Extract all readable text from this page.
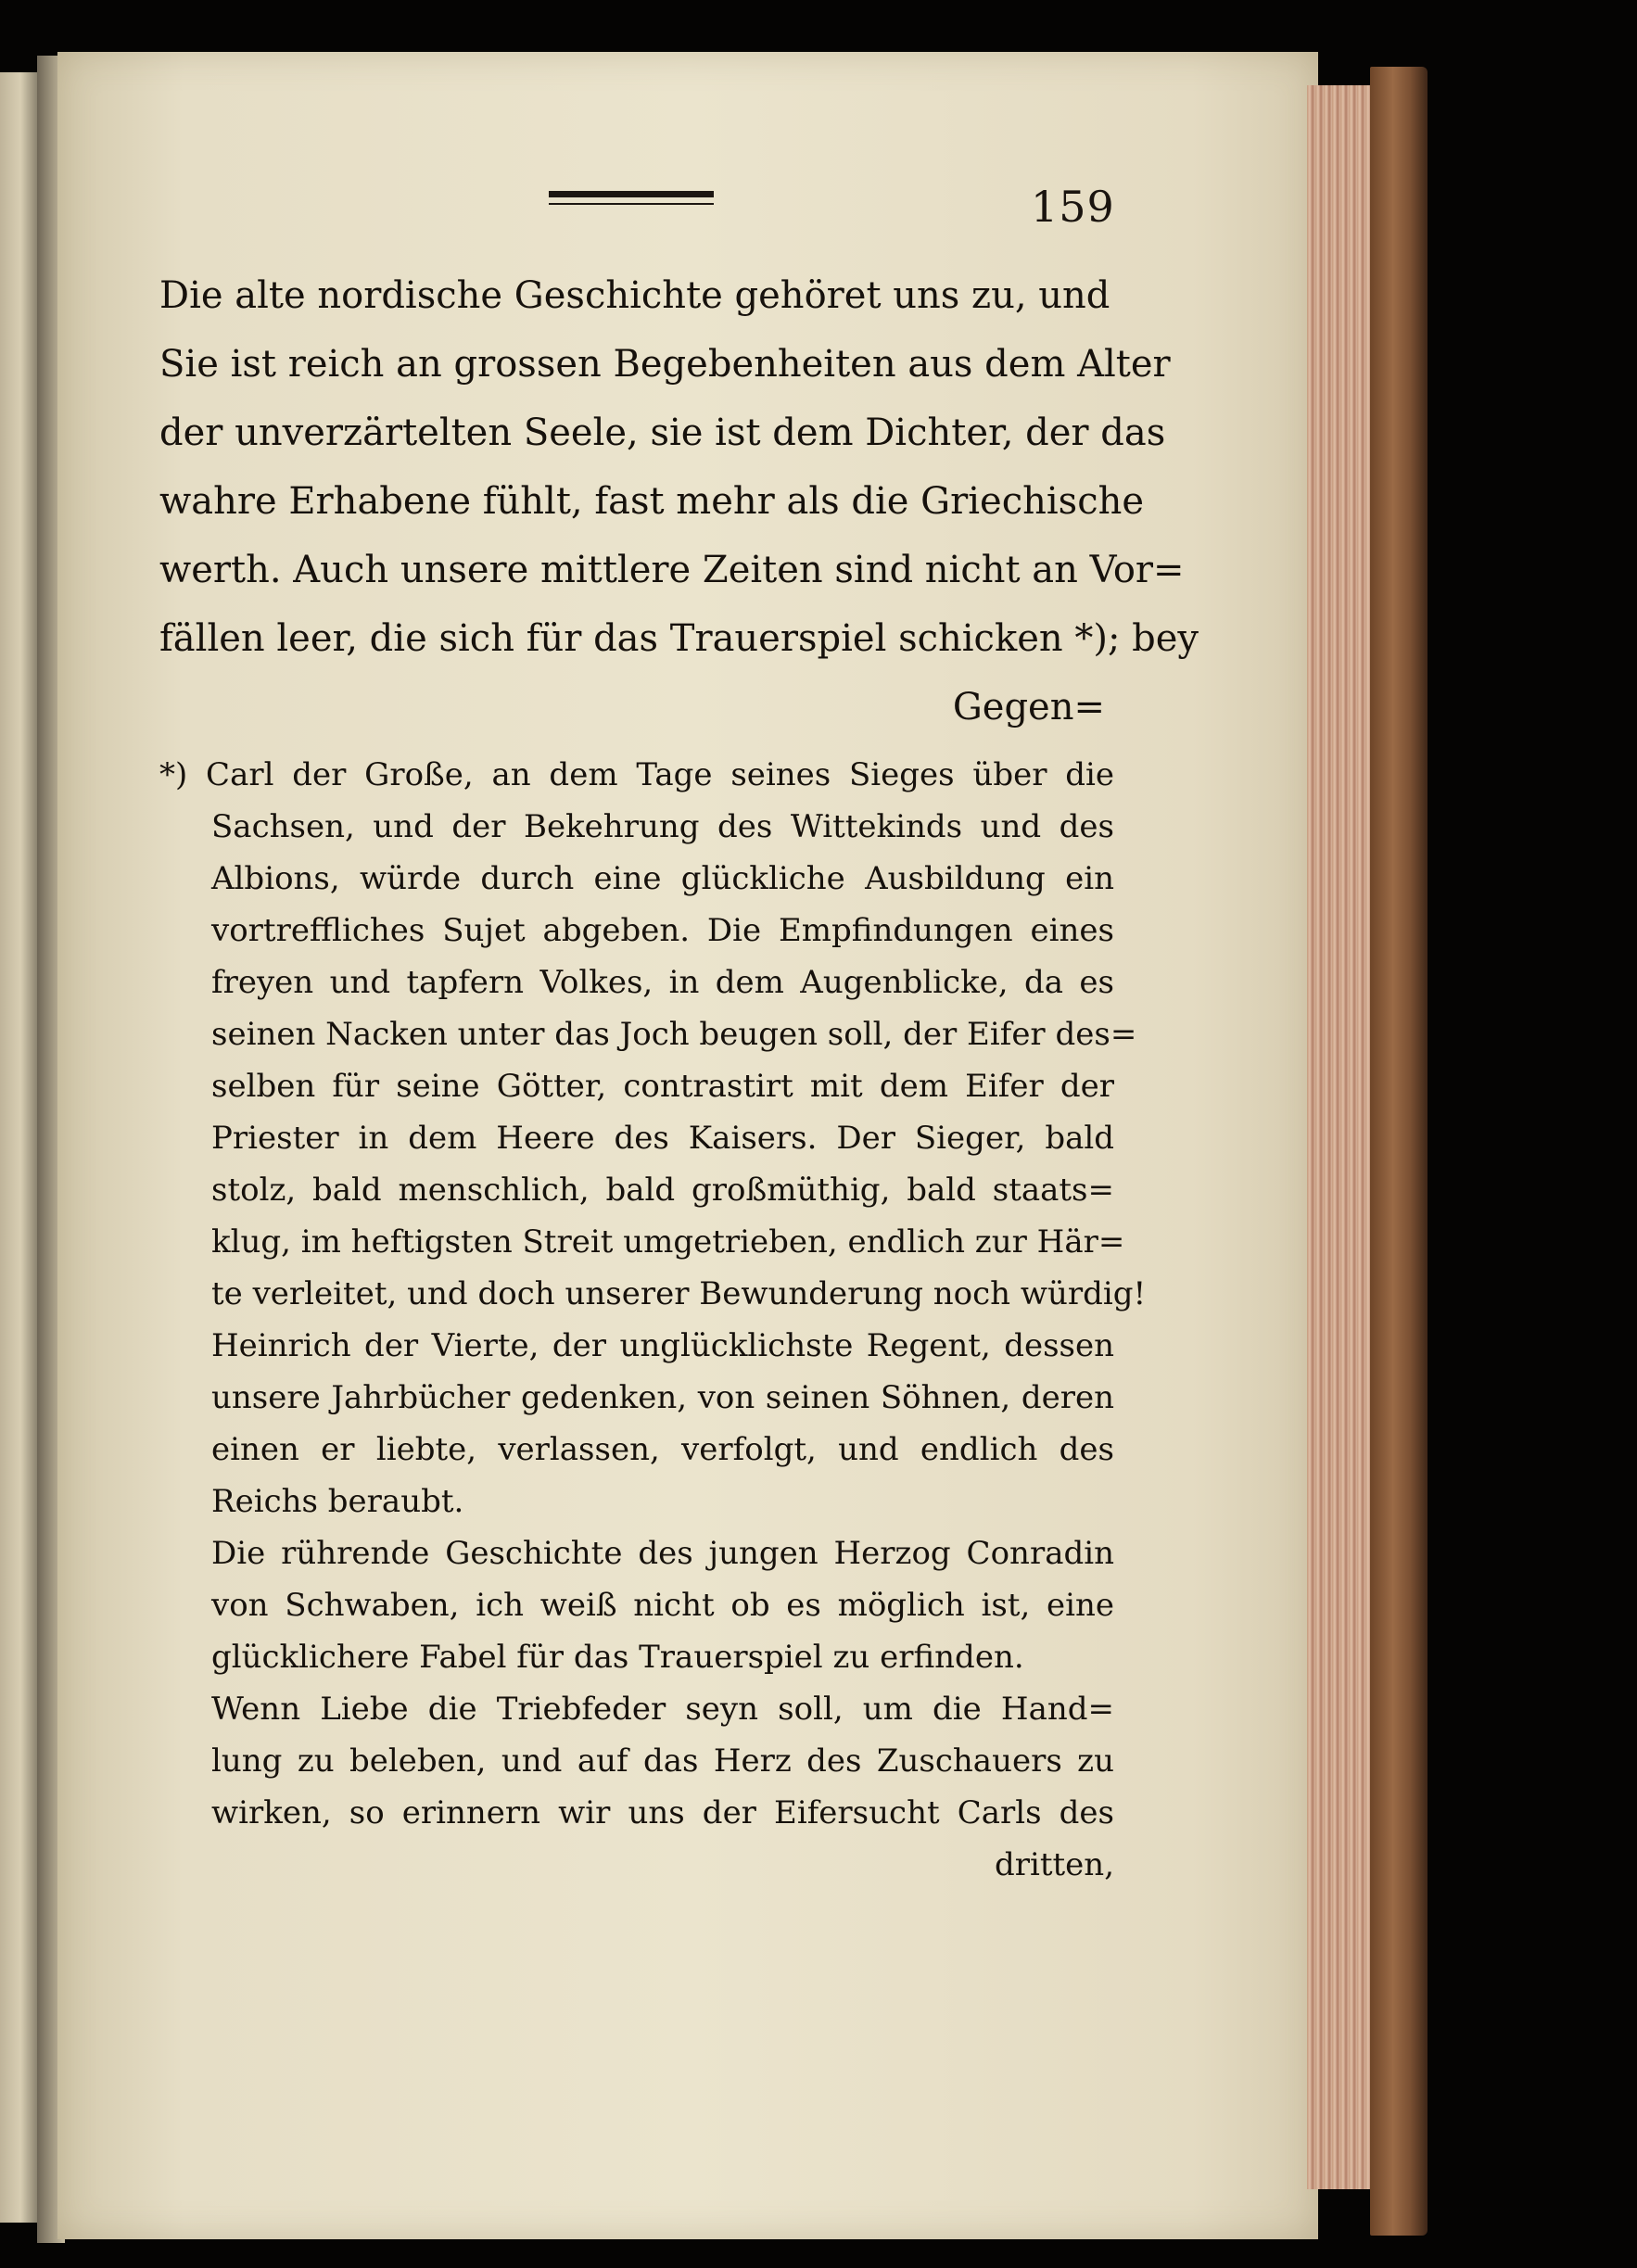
159
Die alte nordische Geschichte gehöret uns zu, und
Sie ist reich an grossen Begebenheiten aus dem Alter
der unverzärtelten Seele, sie ist dem Dichter, der das
wahre Erhabene fühlt, fast mehr als die Griechische
werth. Auch unsere mittlere Zeiten sind nicht an Vor=
fällen leer, die sich für das Trauerspiel schicken *); bey
Gegen=
*) Carl der Große, an dem Tage seines Sieges über die
Sachsen, und der Bekehrung des Wittekinds und des
Albions, würde durch eine glückliche Ausbildung ein
vortreffliches Sujet abgeben. Die Empfindungen eines
freyen und tapfern Volkes, in dem Augenblicke, da es
seinen Nacken unter das Joch beugen soll, der Eifer des=
selben für seine Götter, contrastirt mit dem Eifer der
Priester in dem Heere des Kaisers. Der Sieger, bald
stolz, bald menschlich, bald großmüthig, bald staats=
klug, im heftigsten Streit umgetrieben, endlich zur Här=
te verleitet, und doch unserer Bewunderung noch würdig!
Heinrich der Vierte, der unglücklichste Regent, dessen
unsere Jahrbücher gedenken, von seinen Söhnen, deren
einen er liebte, verlassen, verfolgt, und endlich des
Reichs beraubt.
Die rührende Geschichte des jungen Herzog Conradin
von Schwaben, ich weiß nicht ob es möglich ist, eine
glücklichere Fabel für das Trauerspiel zu erfinden.
Wenn Liebe die Triebfeder seyn soll, um die Hand=
lung zu beleben, und auf das Herz des Zuschauers zu
wirken, so erinnern wir uns der Eifersucht Carls des
dritten,
